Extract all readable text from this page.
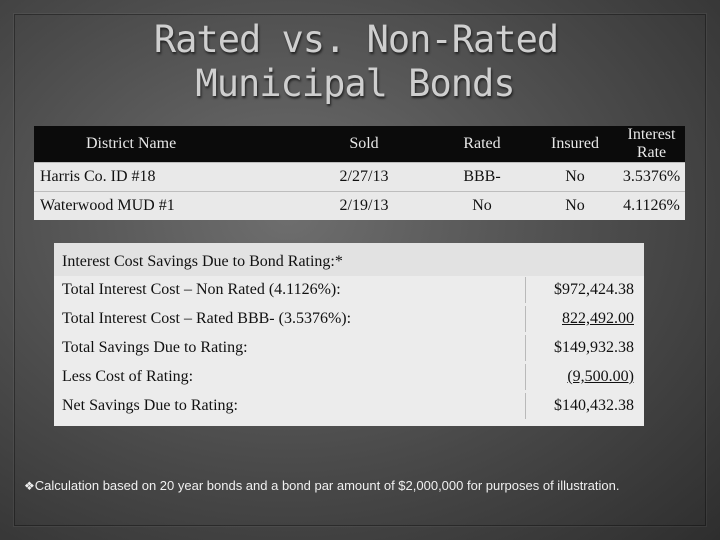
Rated vs. Non-Rated
Municipal Bonds
District Name	Sold	Rated	Insured	Interest Rate
Harris Co. ID #18	2/27/13	BBB-	No	3.5376%
Waterwood MUD #1	2/19/13	No	No	4.1126%
Interest Cost Savings Due to Bond Rating:*
Total Interest Cost – Non Rated (4.1126%):	$972,424.38
Total Interest Cost – Rated BBB- (3.5376%):	822,492.00
Total Savings Due to Rating:	$149,932.38
Less Cost of Rating:	(9,500.00)
Net Savings Due to Rating:	$140,432.38
❖Calculation based on 20 year bonds and a bond par amount of $2,000,000 for purposes of illustration.
